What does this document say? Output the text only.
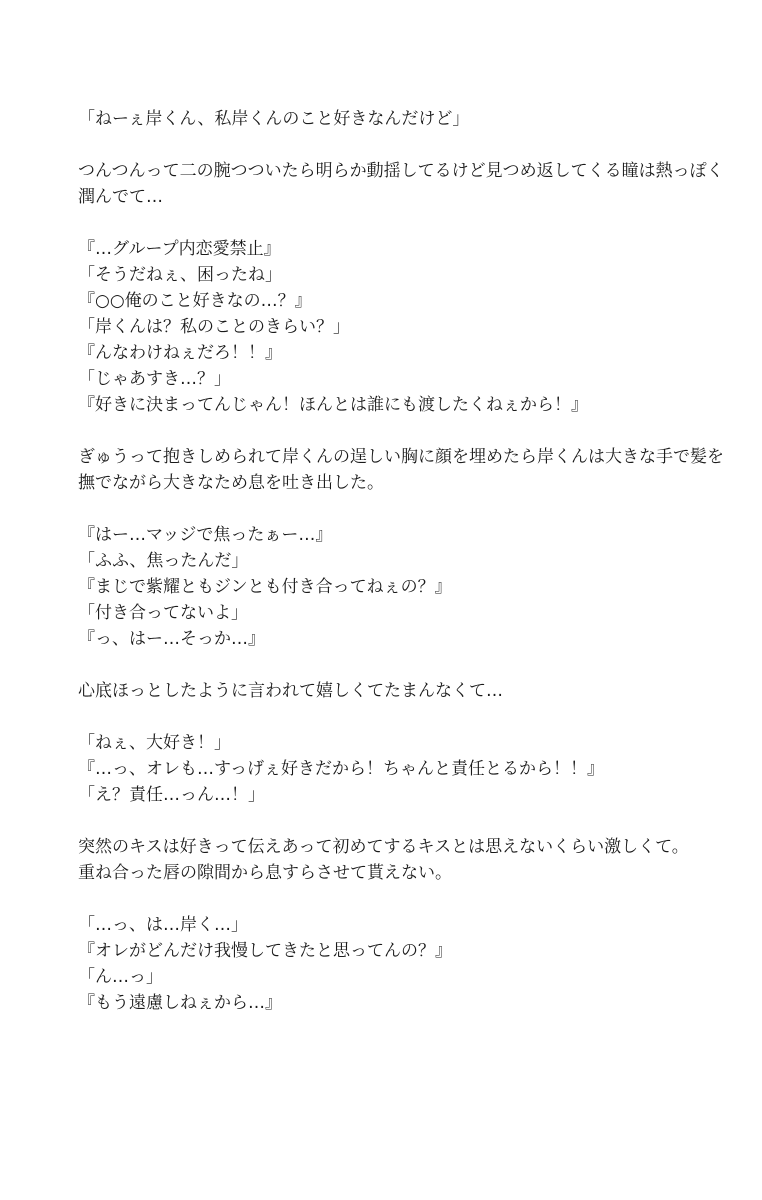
「ねーぇ岸くん、私岸くんのこと好きなんだけど」
つんつんって二の腕つついたら明らか動揺してるけど見つめ返してくる瞳は熱っぽく
潤んでて…
『…グループ内恋愛禁止』
「そうだねぇ、困ったね」
『○○俺のこと好きなの…？』
「岸くんは？私のことのきらい？」
『んなわけねぇだろ！！』
「じゃあすき…？」
『好きに決まってんじゃん！ほんとは誰にも渡したくねぇから！』
ぎゅうって抱きしめられて岸くんの逞しい胸に顔を埋めたら岸くんは大きな手で髪を
撫でながら大きなため息を吐き出した。
『はー…マッジで焦ったぁー…』
「ふふ、焦ったんだ」
『まじで紫耀ともジンとも付き合ってねぇの？』
「付き合ってないよ」
『っ、はー…そっか…』
心底ほっとしたように言われて嬉しくてたまんなくて…
「ねぇ、大好き！」
『…っ、オレも…すっげぇ好きだから！ちゃんと責任とるから！！』
「え？責任…っん…！」
突然のキスは好きって伝えあって初めてするキスとは思えないくらい激しくて。
重ね合った唇の隙間から息すらさせて貰えない。
「…っ、は…岸く…」
『オレがどんだけ我慢してきたと思ってんの？』
「ん…っ」
『もう遠慮しねぇから…』
